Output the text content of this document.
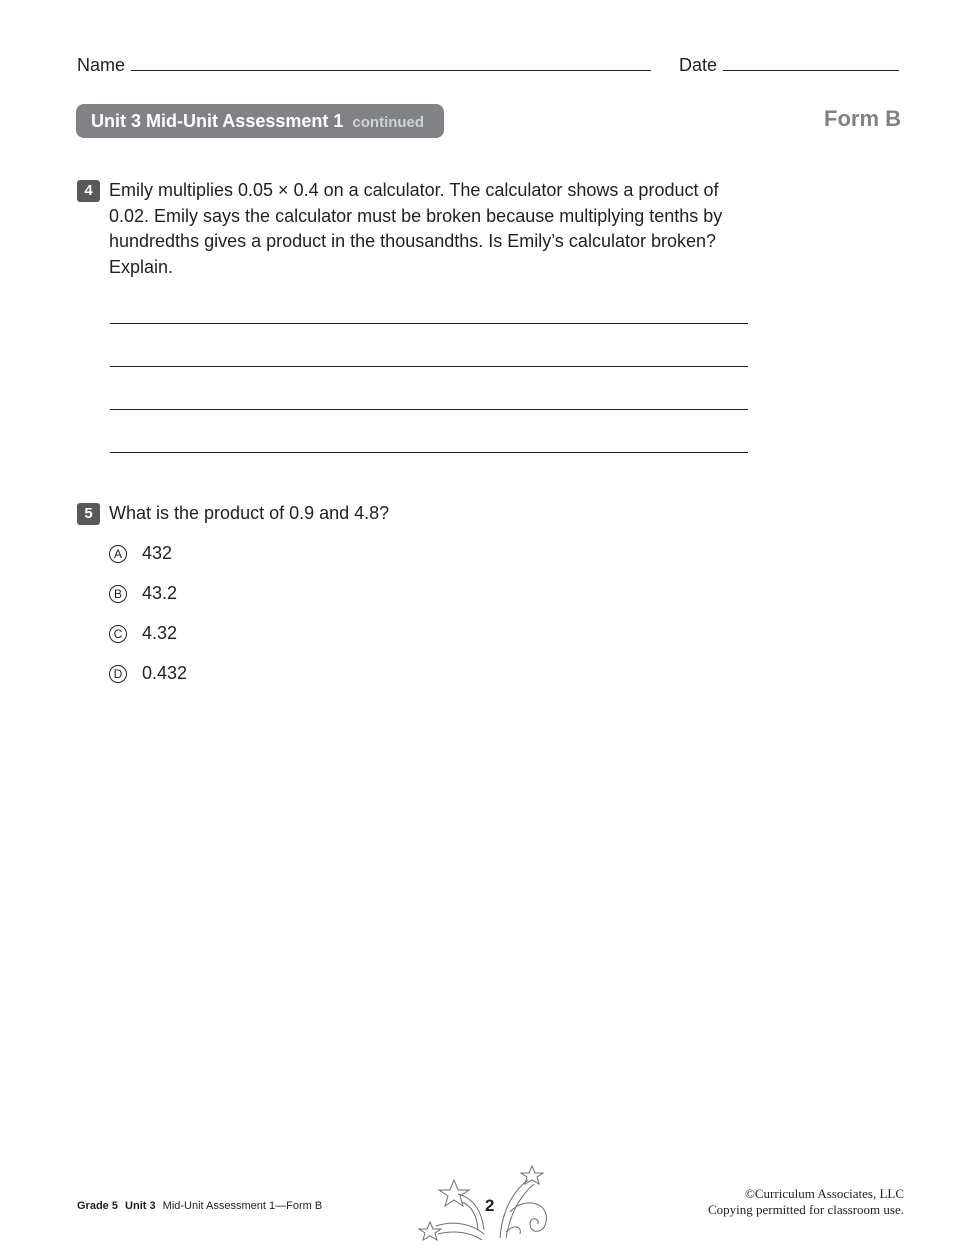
Name	Date
Unit 3 Mid-Unit Assessment 1 continued	Form B
4 Emily multiplies 0.05 × 0.4 on a calculator. The calculator shows a product of 0.02. Emily says the calculator must be broken because multiplying tenths by hundredths gives a product in the thousandths. Is Emily’s calculator broken? Explain.
5 What is the product of 0.9 and 4.8?
A 432
B 43.2
C 4.32
D 0.432
Grade 5 Unit 3 Mid-Unit Assessment 1—Form B	2
©Curriculum Associates, LLC
Copying permitted for classroom use.
